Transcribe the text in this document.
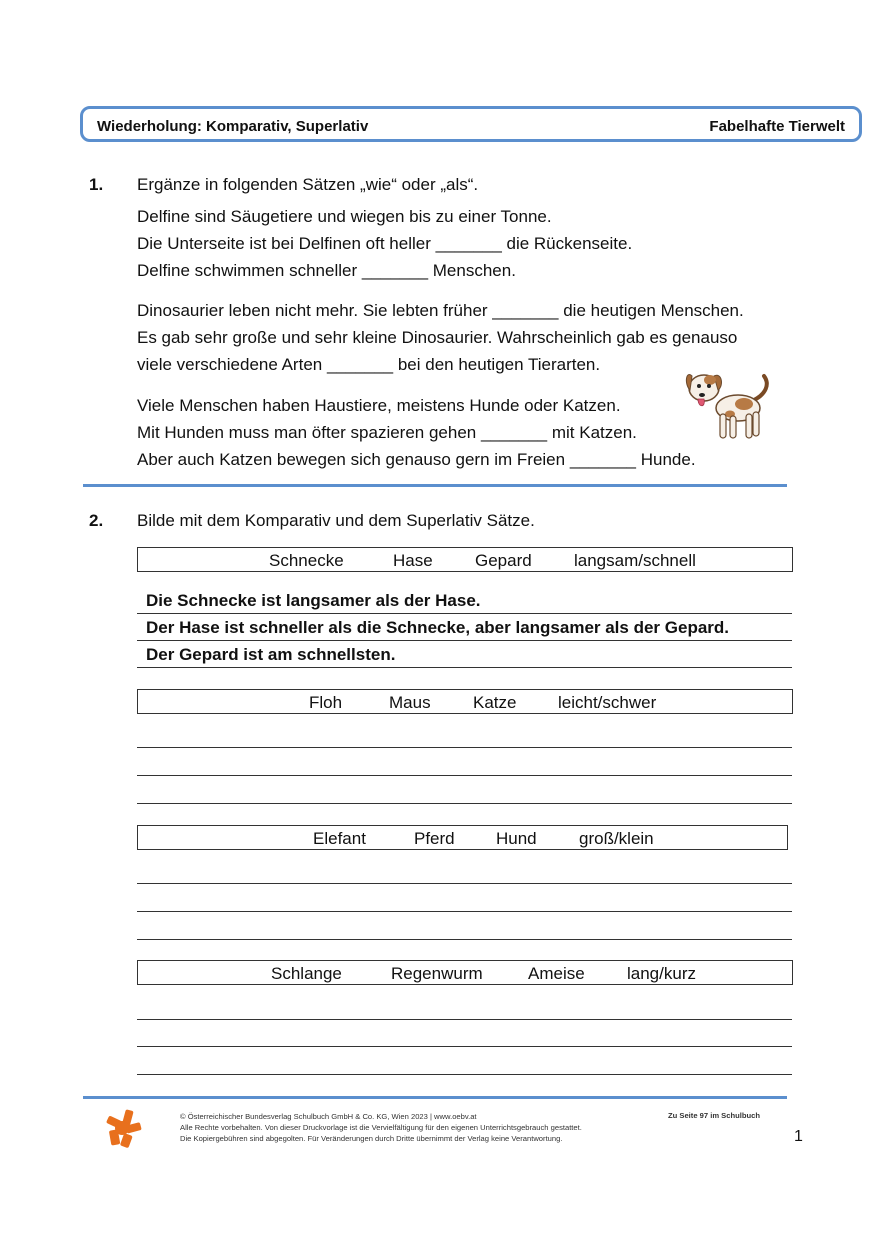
Wiederholung: Komparativ, Superlativ	Fabelhafte Tierwelt
1. Ergänze in folgenden Sätzen „wie“ oder „als“.
Delfine sind Säugetiere und wiegen bis zu einer Tonne.
Die Unterseite ist bei Delfinen oft heller _______ die Rückenseite.
Delfine schwimmen schneller _______ Menschen.
Dinosaurier leben nicht mehr. Sie lebten früher _______ die heutigen Menschen.
Es gab sehr große und sehr kleine Dinosaurier. Wahrscheinlich gab es genauso
viele verschiedene Arten _______ bei den heutigen Tierarten.
Viele Menschen haben Haustiere, meistens Hunde oder Katzen.
Mit Hunden muss man öfter spazieren gehen _______ mit Katzen.
Aber auch Katzen bewegen sich genauso gern im Freien _______ Hunde.
2. Bilde mit dem Komparativ und dem Superlativ Sätze.
Schnecke	Hase Gepard langsam/schnell
Die Schnecke ist langsamer als der Hase.
Der Hase ist schneller als die Schnecke, aber langsamer als der Gepard.
Der Gepard ist am schnellsten.
Floh	Maus Katze leicht/schwer
Elefant	Pferd Hund groß/klein
Schlange	Regenwurm	Ameise lang/kurz
© Österreichischer Bundesverlag Schulbuch GmbH & Co. KG, Wien 2023 | www.oebv.at
Alle Rechte vorbehalten. Von dieser Druckvorlage ist die Vervielfältigung für den eigenen Unterrichtsgebrauch gestattet.
Die Kopiergebühren sind abgegolten. Für Veränderungen durch Dritte übernimmt der Verlag keine Verantwortung.
Zu Seite 97 im Schulbuch
1
